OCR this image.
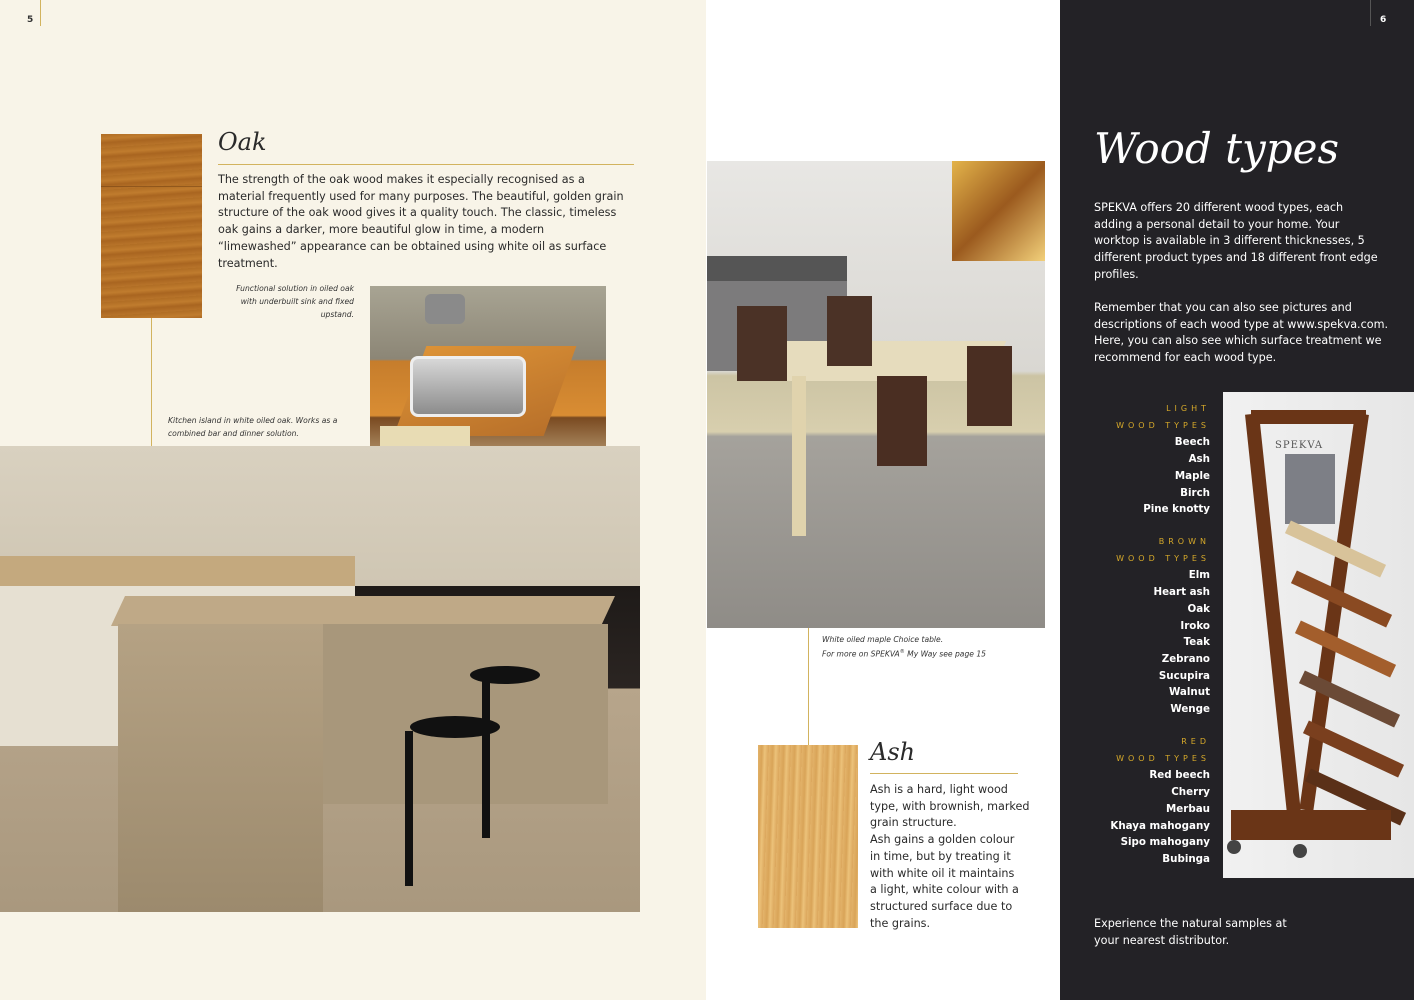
5	6
Oak
The strength of the oak wood makes it especially recognised as a material frequently used for many purposes. The beautiful, golden grain structure of the oak wood gives it a quality touch. The classic, timeless oak gains a darker, more beautiful glow in time, a modern “limewashed” appearance can be obtained using white oil as surface treatment.
Functional solution in oiled oak
with underbuilt sink and fixed
upstand.
Kitchen island in white oiled oak. Works as a
combined bar and dinner solution.
White oiled maple Choice table.
For more on SPEKVA® My Way see page 15
Ash
Ash is a hard, light wood
type, with brownish, marked
grain structure.
Ash gains a golden colour
in time, but by treating it
with white oil it maintains
a light, white colour with a
structured surface due to
the grains.
Wood types
SPEKVA offers 20 different wood types, each
adding a personal detail to your home. Your
worktop is available in 3 different thicknesses, 5
different product types and 18 different front edge
profiles.
Remember that you can also see pictures and
descriptions of each wood type at www.spekva.com.
Here, you can also see which surface treatment we
recommend for each wood type.
LIGHT
WOOD TYPES
Beech
Ash
Maple
Birch
Pine knotty
BROWN
WOOD TYPES
Elm
Heart ash
Oak
Iroko
Teak
Zebrano
Sucupira
Walnut
Wenge
RED
WOOD TYPES
Red beech
Cherry
Merbau
Khaya mahogany
Sipo mahogany
Bubinga
SPEKVA
Experience the natural samples at
your nearest distributor.
